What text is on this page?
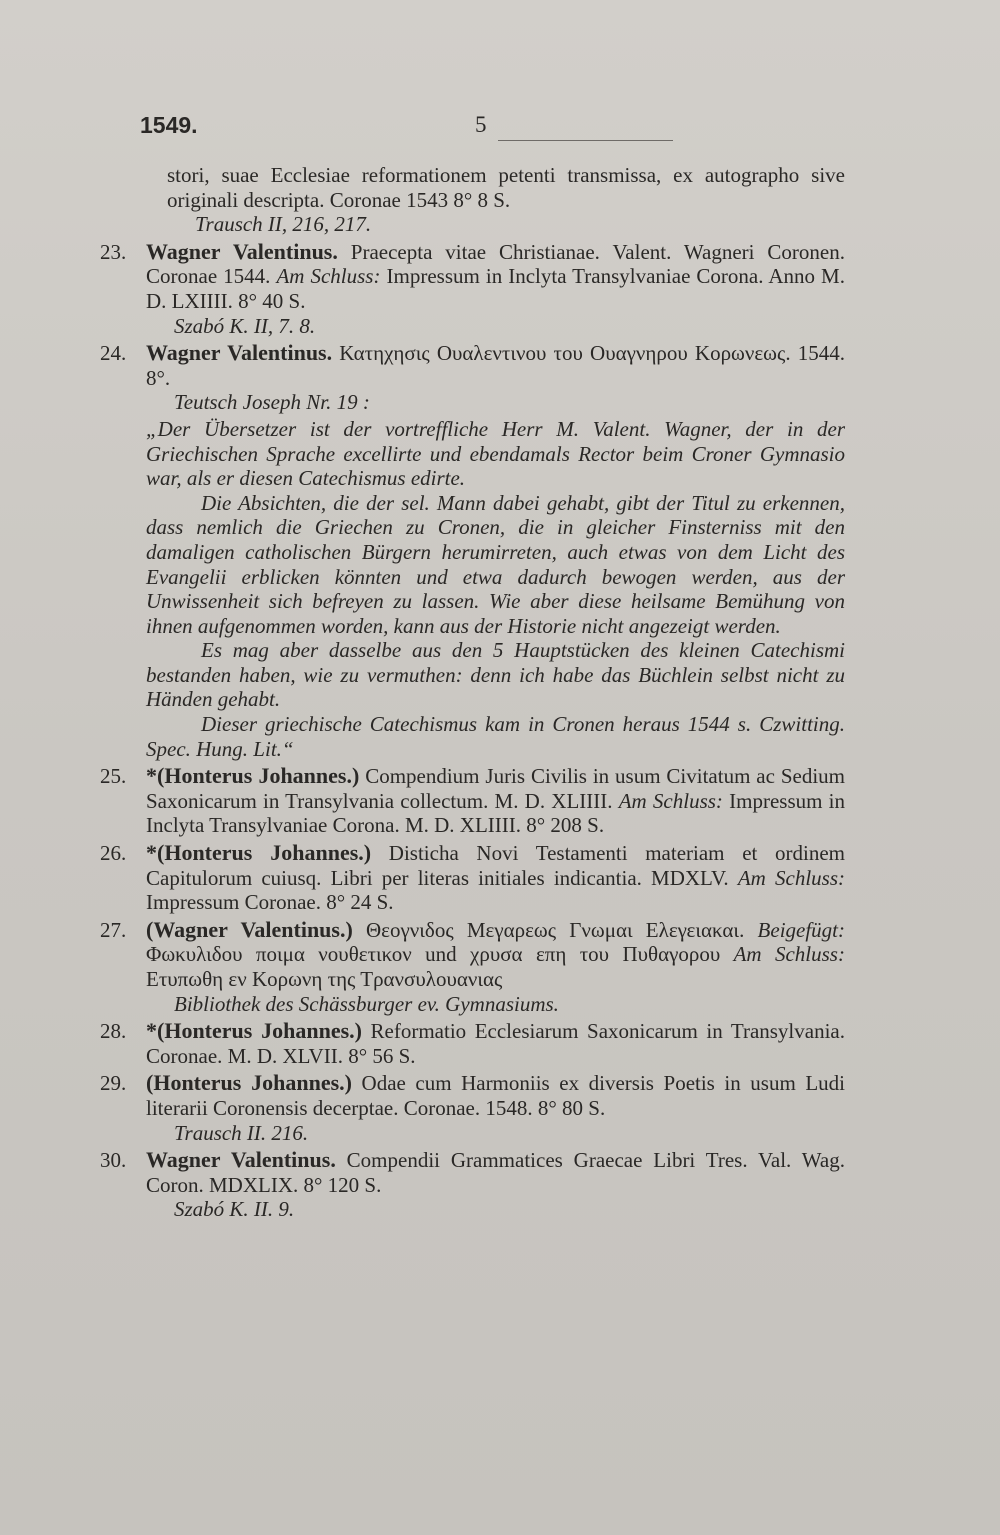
1549.	5
stori, suae Ecclesiae reformationem petenti transmissa, ex autographo sive originali descripta. Coronae 1543 8° 8 S.
Trausch II, 216, 217.
23. Wagner Valentinus. Praecepta vitae Christianae. Valent. Wagneri Coronen. Coronae 1544. Am Schluss: Impressum in Inclyta Transylvaniae Corona. Anno M. D. LXIIII. 8° 40 S.
Szabó K. II, 7. 8.
24. Wagner Valentinus. Κατηχησις Ουαλεντινου του Ουαγνηρου Κορωνεως. 1544. 8°.
Teutsch Joseph Nr. 19 :

„Der Übersetzer ist der vortreffliche Herr M. Valent. Wagner, der in der Griechischen Sprache excellirte und ebendamals Rector beim Croner Gymnasio war, als er diesen Catechismus edirte.

Die Absichten, die der sel. Mann dabei gehabt, gibt der Titul zu erkennen, dass nemlich die Griechen zu Cronen, die in gleicher Finsterniss mit den damaligen catholischen Bürgern herumirreten, auch etwas von dem Licht des Evangelii erblicken könnten und etwa dadurch bewogen werden, aus der Unwissenheit sich befreyen zu lassen. Wie aber diese heilsame Bemühung von ihnen aufgenommen worden, kann aus der Historie nicht angezeigt werden.

Es mag aber dasselbe aus den 5 Hauptstücken des kleinen Catechismi bestanden haben, wie zu vermuthen: denn ich habe das Büchlein selbst nicht zu Händen gehabt.

Dieser griechische Catechismus kam in Cronen heraus 1544 s. Czwitting. Spec. Hung. Lit.“

25. *(Honterus Johannes.) Compendium Juris Civilis in usum Civitatum ac Sedium Saxonicarum in Transylvania collectum. M. D. XLIIII. Am Schluss: Impressum in Inclyta Transylvaniae Corona. M. D. XLIIII. 8° 208 S.
26. *(Honterus Johannes.) Disticha Novi Testamenti materiam et ordinem Capitulorum cuiusq. Libri per literas initiales indicantia. MDXLV. Am Schluss: Impressum Coronae. 8° 24 S.
27. (Wagner Valentinus.) Θεογνιδος Μεγαρεως Γνωμαι Ελεγειακαι. Beigefügt: Φωκυλιδου ποιμα νουθετικον und χρυσα επη του Πυθαγορου Am Schluss: Ετυπωθη εν Κορωνη της Τρανσυλουανιας
Bibliothek des Schässburger ev. Gymnasiums.
28. *(Honterus Johannes.) Reformatio Ecclesiarum Saxonicarum in Transylvania. Coronae. M. D. XLVII. 8° 56 S.
29. (Honterus Johannes.) Odae cum Harmoniis ex diversis Poetis in usum Ludi literarii Coronensis decerptae. Coronae. 1548. 8° 80 S.
Trausch II. 216.
30. Wagner Valentinus. Compendii Grammatices Graecae Libri Tres. Val. Wag. Coron. MDXLIX. 8° 120 S.
Szabó K. II. 9.
